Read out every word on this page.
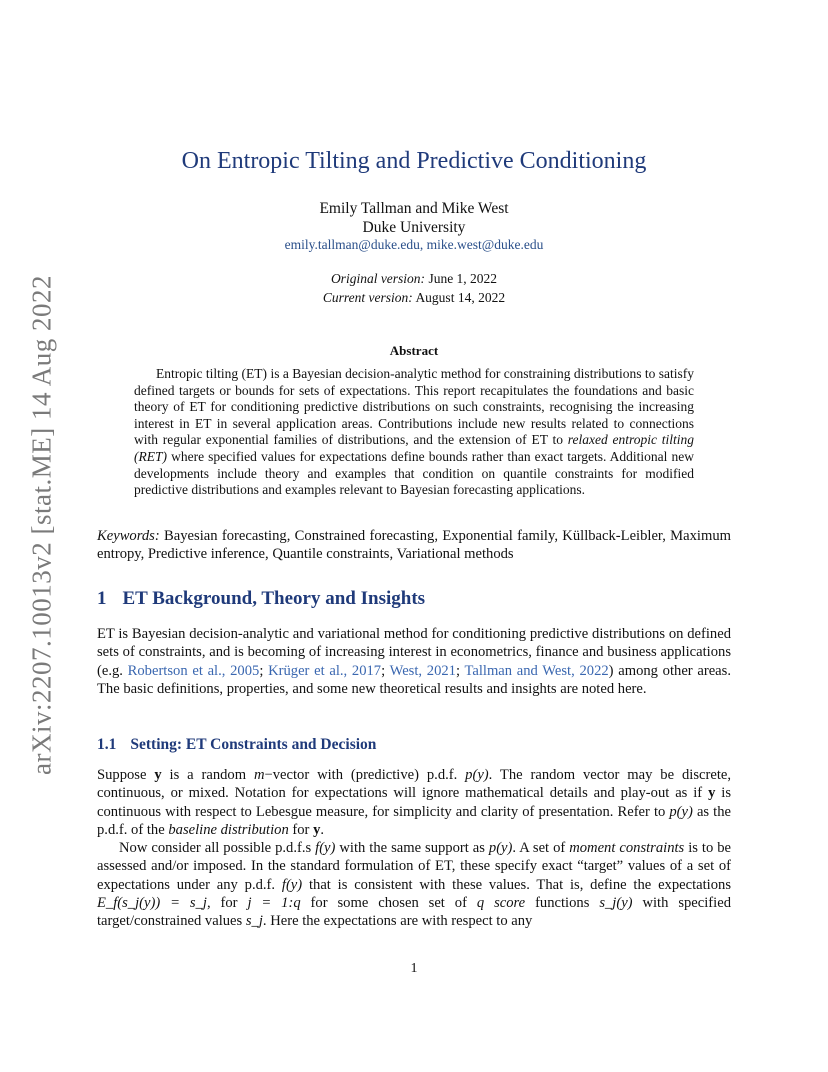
arXiv:2207.10013v2 [stat.ME] 14 Aug 2022
On Entropic Tilting and Predictive Conditioning
Emily Tallman and Mike West
Duke University
emily.tallman@duke.edu, mike.west@duke.edu
Original version: June 1, 2022
Current version: August 14, 2022
Abstract
Entropic tilting (ET) is a Bayesian decision-analytic method for constraining distributions to satisfy defined targets or bounds for sets of expectations. This report recapitulates the foundations and basic theory of ET for conditioning predictive distributions on such constraints, recognising the increasing interest in ET in several application areas. Contributions include new results related to connections with regular exponential families of distributions, and the extension of ET to relaxed entropic tilting (RET) where specified values for expectations define bounds rather than exact targets. Additional new developments include theory and examples that condition on quantile constraints for modified predictive distributions and examples relevant to Bayesian forecasting applications.
Keywords: Bayesian forecasting, Constrained forecasting, Exponential family, Küllback-Leibler, Maximum entropy, Predictive inference, Quantile constraints, Variational methods
1 ET Background, Theory and Insights
ET is Bayesian decision-analytic and variational method for conditioning predictive distributions on defined sets of constraints, and is becoming of increasing interest in econometrics, finance and business applications (e.g. Robertson et al., 2005; Krüger et al., 2017; West, 2021; Tallman and West, 2022) among other areas. The basic definitions, properties, and some new theoretical results and insights are noted here.
1.1 Setting: ET Constraints and Decision
Suppose y is a random m−vector with (predictive) p.d.f. p(y). The random vector may be discrete, continuous, or mixed. Notation for expectations will ignore mathematical details and play-out as if y is continuous with respect to Lebesgue measure, for simplicity and clarity of presentation. Refer to p(y) as the p.d.f. of the baseline distribution for y.
Now consider all possible p.d.f.s f(y) with the same support as p(y). A set of moment constraints is to be assessed and/or imposed. In the standard formulation of ET, these specify exact “target” values of a set of expectations under any p.d.f. f(y) that is consistent with these values. That is, define the expectations E_f(s_j(y)) = s_j, for j = 1:q for some chosen set of q score functions s_j(y) with specified target/constrained values s_j. Here the expectations are with respect to any
1
